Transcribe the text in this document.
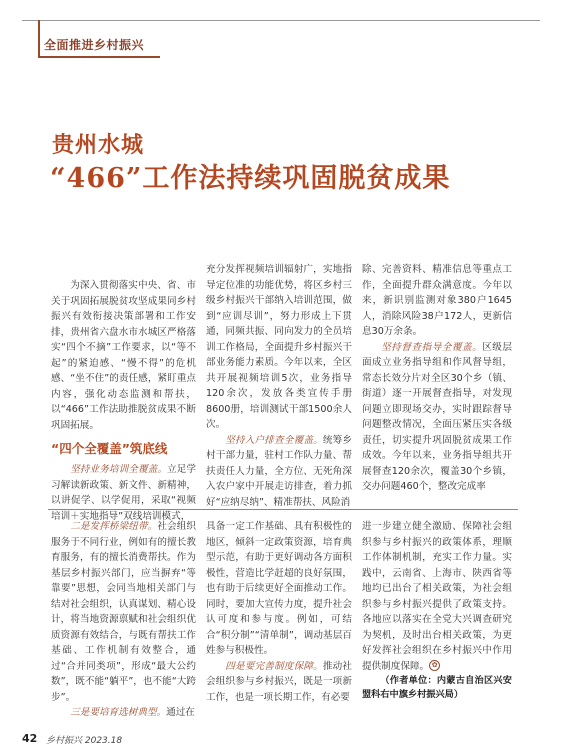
全面推进乡村振兴
贵州水城
“466”工作法持续巩固脱贫成果

为深入贯彻落实中央、省、市关于巩固拓展脱贫攻坚成果同乡村振兴有效衔接决策部署和工作安排，贵州省六盘水市水城区严格落实“四个不摘”工作要求，以“等不起”的紧迫感、“慢不得”的危机感、“坐不住”的责任感，紧盯重点内容，强化动态监测和帮扶，以“466”工作法助推脱贫成果不断巩固拓展。

“四个全覆盖”筑底线

坚持业务培训全覆盖。立足学习解读新政策、新文件、新精神，以讲促学、以学促用，采取“视频培训＋实地指导”双线培训模式，

充分发挥视频培训辐射广，实地指导定位准的功能优势，将区乡村三级乡村振兴干部纳入培训范围，做到“应训尽训”，努力形成上下贯通，同频共振、同向发力的全员培训工作格局，全面提升乡村振兴干部业务能力素质。今年以来，全区共开展视频培训5次，业务指导120余次，发放各类宣传手册8600册，培训测试干部1500余人次。

坚持入户排查全覆盖。统筹乡村干部力量，驻村工作队力量、帮扶责任人力量，全方位、无死角深入农户家中开展走访排查，着力抓好“应纳尽纳”、精准帮扶、风险消

除、完善资料、精准信息等重点工作，全面提升群众满意度。今年以来，新识别监测对象380户1645人，消除风险38户172人，更新信息30万余条。

坚持督查指导全覆盖。区级层面成立业务指导组和作风督导组，常态长效分片对全区30个乡（镇、街道）逐一开展督查指导，对发现问题立即现场交办，实时跟踪督导问题整改情况，全面压紧压实各级责任，切实提升巩固脱贫成果工作成效。今年以来，业务指导组共开展督查120余次，覆盖30个乡镇，交办问题460个，整改完成率

二是发挥桥梁纽带。社会组织服务于不同行业，例如有的擅长教育服务，有的擅长消费帮扶。作为基层乡村振兴部门，应当摒弃“等靠要”思想，会同当地相关部门与结对社会组织，认真谋划、精心设计，将当地资源禀赋和社会组织优质资源有效结合，与既有帮扶工作基础、工作机制有效整合，通过“合并同类项”，形成“最大公约数”，既不能“躺平”，也不能“大跨步”。

三是要培育选树典型。通过在

具备一定工作基础、具有积极性的地区，倾斜一定政策资源，培育典型示范，有助于更好调动各方面积极性，营造比学赶超的良好氛围，也有助于后续更好全面推动工作。同时，要加大宣传力度，提升社会认可度和参与度。例如，可结合“积分制”“清单制”，调动基层百姓参与积极性。

四是要完善制度保障。推动社会组织参与乡村振兴，既是一项新工作，也是一项长期工作，有必要

进一步建立健全激励、保障社会组织参与乡村振兴的政策体系，理顺工作体制机制，充实工作力量。实践中，云南省、上海市、陕西省等地均已出台了相关政策，为社会组织参与乡村振兴提供了政策支持。各地应以落实在全党大兴调查研究为契机，及时出台相关政策，为更好发挥社会组织在乡村振兴中作用提供制度保障。 ✿

（作者单位：内蒙古自治区兴安盟科右中旗乡村振兴局）

42 乡村振兴 2023.18
